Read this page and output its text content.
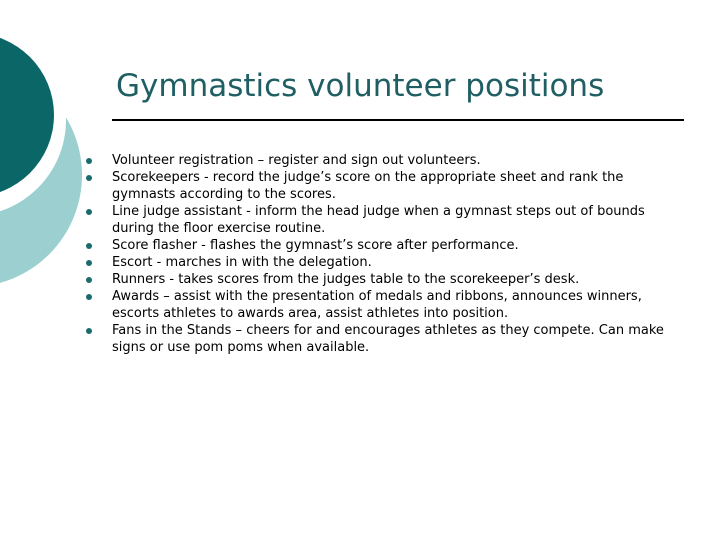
Gymnastics volunteer positions
Volunteer registration – register and sign out volunteers.
Scorekeepers - record the judge’s score on the appropriate sheet and rank the gymnasts according to the scores.
Line judge assistant - inform the head judge when a gymnast steps out of bounds during the floor exercise routine.
Score flasher - flashes the gymnast’s score after performance.
Escort - marches in with the delegation.
Runners - takes scores from the judges table to the scorekeeper’s desk.
Awards – assist with the presentation of medals and ribbons, announces winners, escorts athletes to awards area, assist athletes into position.
Fans in the Stands – cheers for and encourages athletes as they compete. Can make signs or use pom poms when available.
